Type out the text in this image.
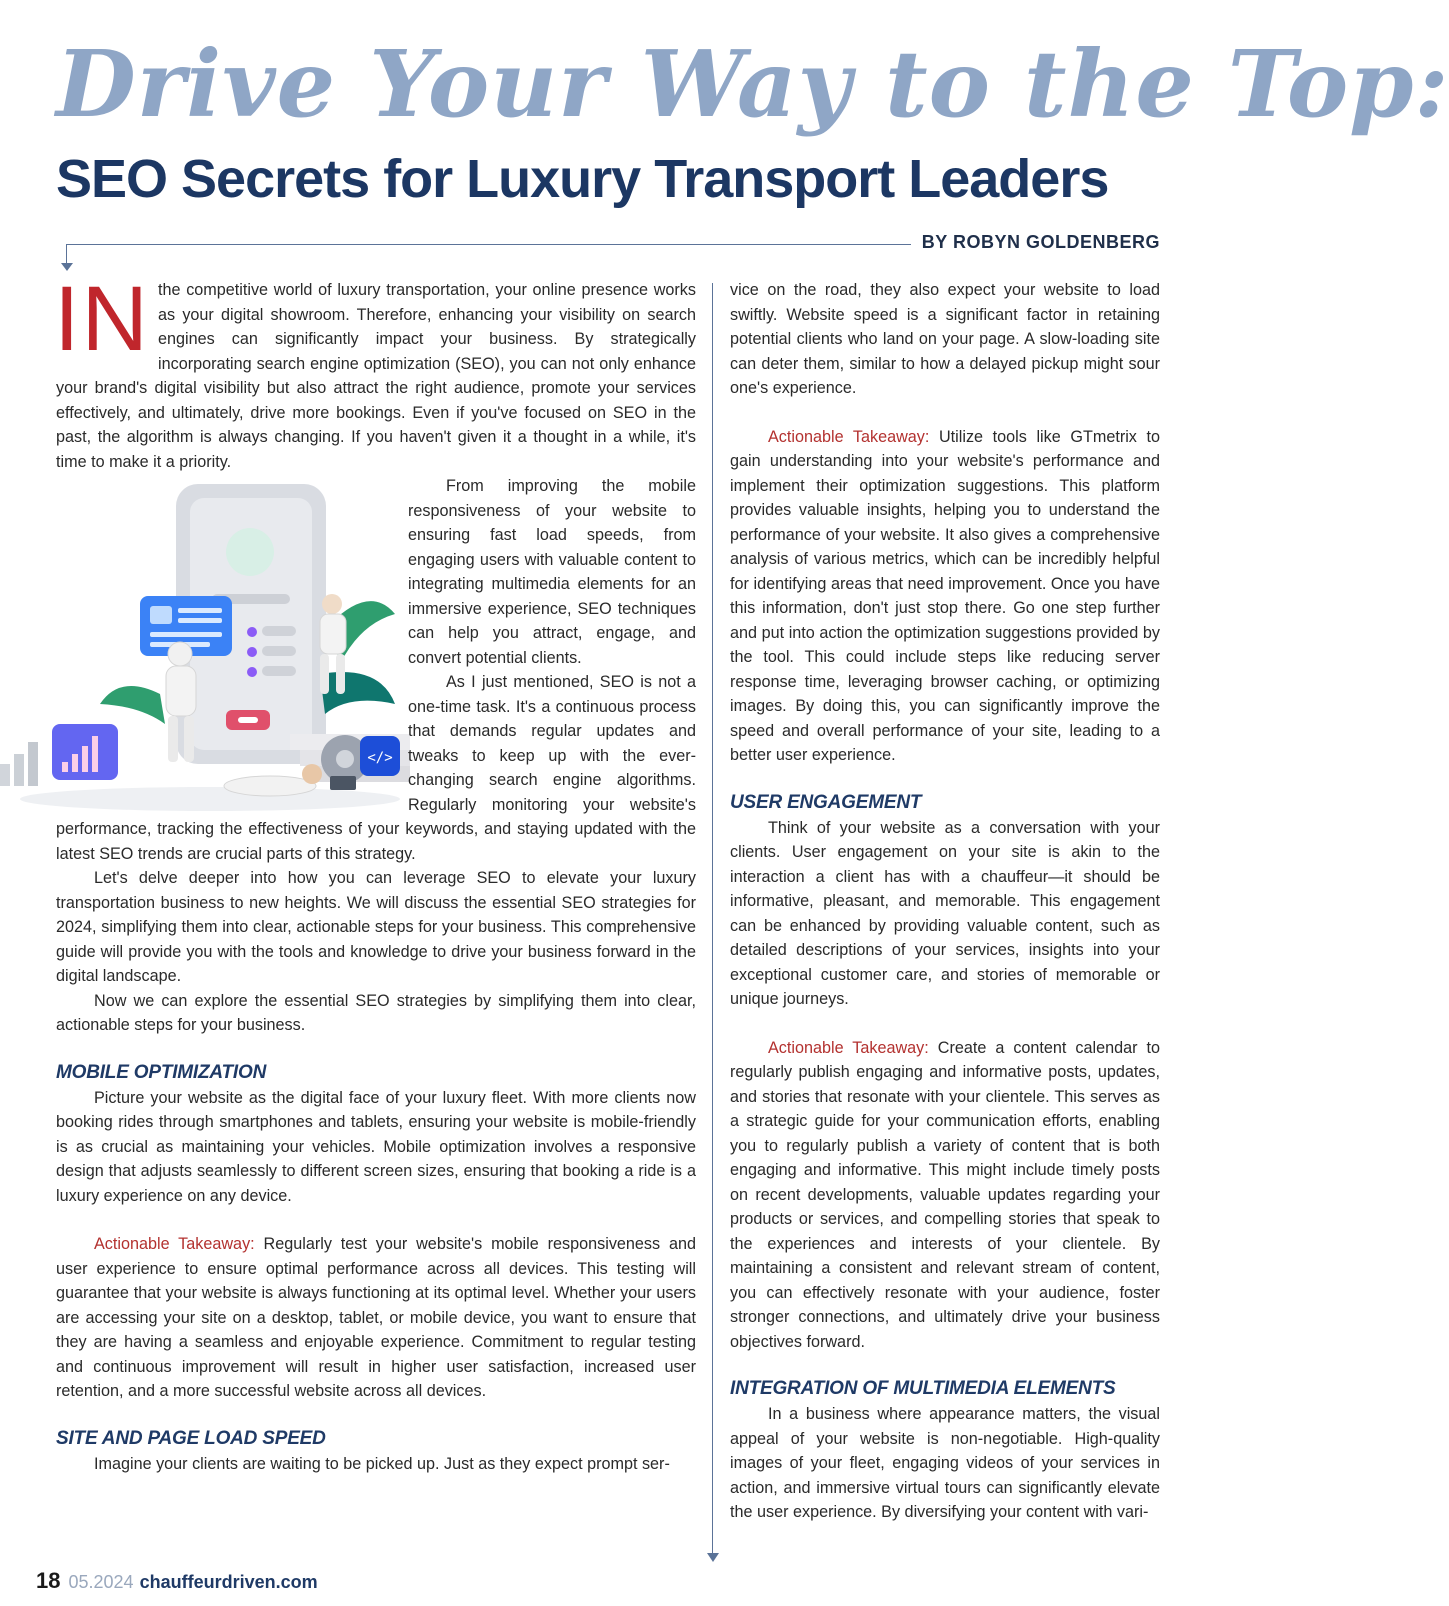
Drive Your Way to the Top:
SEO Secrets for Luxury Transport Leaders
BY ROBYN GOLDENBERG

IN the competitive world of luxury transportation, your online presence works as your digital showroom. Therefore, enhancing your visibility on search engines can significantly impact your business. By strategically incorporating search engine optimization (SEO), you can not only enhance your brand's digital visibility but also attract the right audience, promote your services effectively, and ultimately, drive more bookings. Even if you've focused on SEO in the past, the algorithm is always changing. If you haven't given it a thought in a while, it's time to make it a priority.

</>

From improving the mobile responsiveness of your website to ensuring fast load speeds, from engaging users with valuable content to integrating multimedia elements for an immersive experience, SEO techniques can help you attract, engage, and convert potential clients.

As I just mentioned, SEO is not a one-time task. It's a continuous process that demands regular updates and tweaks to keep up with the ever-changing search engine algorithms. Regularly monitoring your website's performance, tracking the effectiveness of your keywords, and staying updated with the latest SEO trends are crucial parts of this strategy.

Let's delve deeper into how you can leverage SEO to elevate your luxury transportation business to new heights. We will discuss the essential SEO strategies for 2024, simplifying them into clear, actionable steps for your business. This comprehensive guide will provide you with the tools and knowledge to drive your business forward in the digital landscape.

Now we can explore the essential SEO strategies by simplifying them into clear, actionable steps for your business.

MOBILE OPTIMIZATION

Picture your website as the digital face of your luxury fleet. With more clients now booking rides through smartphones and tablets, ensuring your website is mobile-friendly is as crucial as maintaining your vehicles. Mobile optimization involves a responsive design that adjusts seamlessly to different screen sizes, ensuring that booking a ride is a luxury experience on any device.

Actionable Takeaway: Regularly test your website's mobile responsiveness and user experience to ensure optimal performance across all devices. This testing will guarantee that your website is always functioning at its optimal level. Whether your users are accessing your site on a desktop, tablet, or mobile device, you want to ensure that they are having a seamless and enjoyable experience. Commitment to regular testing and continuous improvement will result in higher user satisfaction, increased user retention, and a more successful website across all devices.

SITE AND PAGE LOAD SPEED

Imagine your clients are waiting to be picked up. Just as they expect prompt ser-

vice on the road, they also expect your website to load swiftly. Website speed is a significant factor in retaining potential clients who land on your page. A slow-loading site can deter them, similar to how a delayed pickup might sour one's experience.

Actionable Takeaway: Utilize tools like GTmetrix to gain understanding into your website's performance and implement their optimization suggestions. This platform provides valuable insights, helping you to understand the performance of your website. It also gives a comprehensive analysis of various metrics, which can be incredibly helpful for identifying areas that need improvement. Once you have this information, don't just stop there. Go one step further and put into action the optimization suggestions provided by the tool. This could include steps like reducing server response time, leveraging browser caching, or optimizing images. By doing this, you can significantly improve the speed and overall performance of your site, leading to a better user experience.

USER ENGAGEMENT

Think of your website as a conversation with your clients. User engagement on your site is akin to the interaction a client has with a chauffeur—it should be informative, pleasant, and memorable. This engagement can be enhanced by providing valuable content, such as detailed descriptions of your services, insights into your exceptional customer care, and stories of memorable or unique journeys.

Actionable Takeaway: Create a content calendar to regularly publish engaging and informative posts, updates, and stories that resonate with your clientele. This serves as a strategic guide for your communication efforts, enabling you to regularly publish a variety of content that is both engaging and informative. This might include timely posts on recent developments, valuable updates regarding your products or services, and compelling stories that speak to the experiences and interests of your clientele. By maintaining a consistent and relevant stream of content, you can effectively resonate with your audience, foster stronger connections, and ultimately drive your business objectives forward.

INTEGRATION OF MULTIMEDIA ELEMENTS

In a business where appearance matters, the visual appeal of your website is non-negotiable. High-quality images of your fleet, engaging videos of your services in action, and immersive virtual tours can significantly elevate the user experience. By diversifying your content with vari-

18 05.2024 chauffeurdriven.com
